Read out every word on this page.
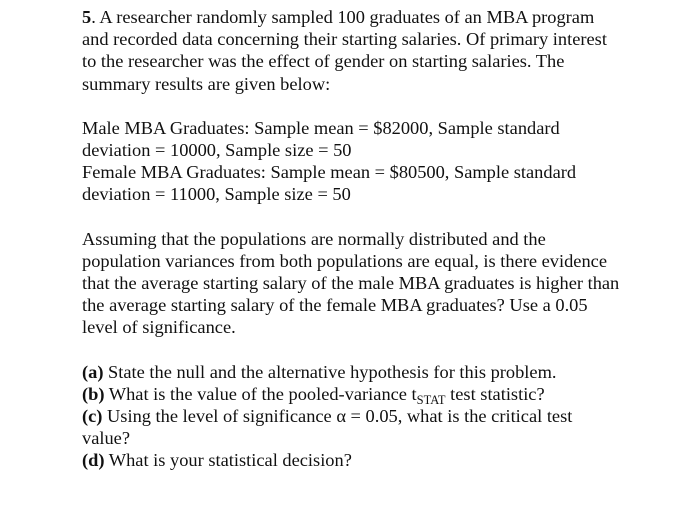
5. A researcher randomly sampled 100 graduates of an MBA program
and recorded data concerning their starting salaries. Of primary interest
to the researcher was the effect of gender on starting salaries. The
summary results are given below:

Male MBA Graduates: Sample mean = $82000, Sample standard
deviation = 10000, Sample size = 50
Female MBA Graduates: Sample mean = $80500, Sample standard
deviation = 11000, Sample size = 50

Assuming that the populations are normally distributed and the
population variances from both populations are equal, is there evidence
that the average starting salary of the male MBA graduates is higher than
the average starting salary of the female MBA graduates? Use a 0.05
level of significance.

(a) State the null and the alternative hypothesis for this problem.
(b) What is the value of the pooled-variance $t_{STAT}$ test statistic?
(c) Using the level of significance α = 0.05, what is the critical test
value?
(d) What is your statistical decision?
